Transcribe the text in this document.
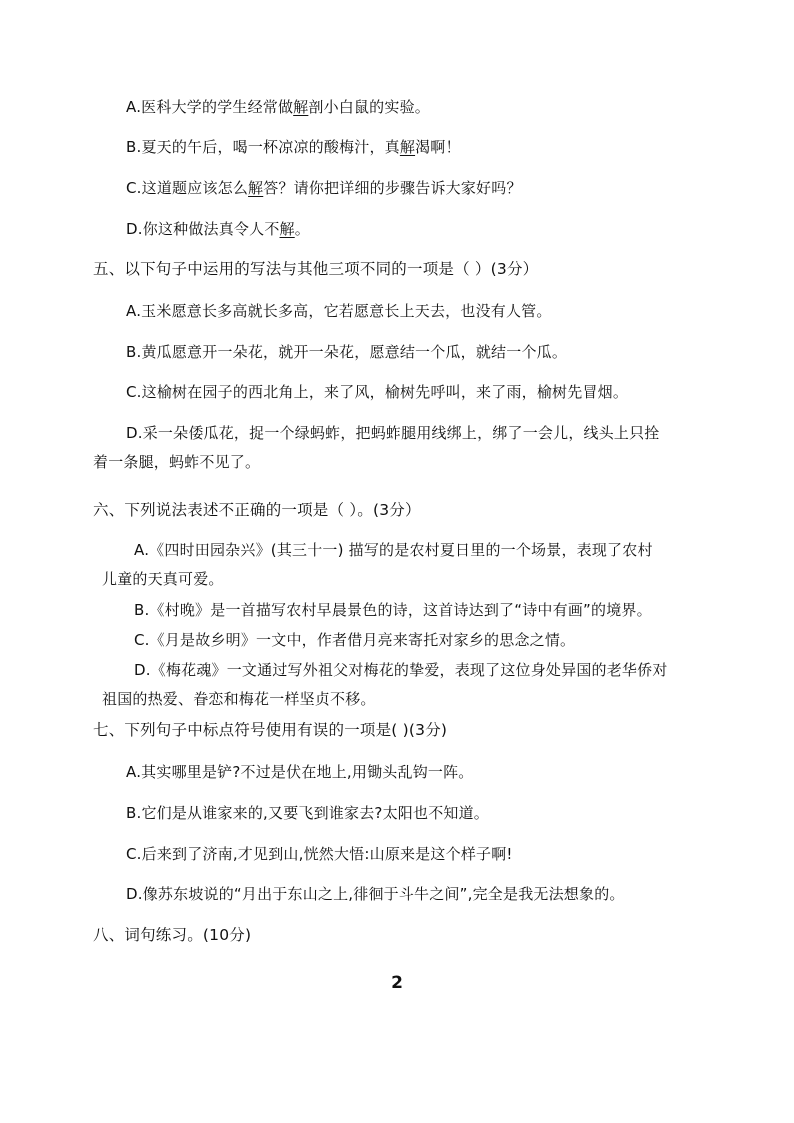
A.医科大学的学生经常做解剖小白鼠的实验。
B.夏天的午后，喝一杯凉凉的酸梅汁，真解渴啊！
C.这道题应该怎么解答？请你把详细的步骤告诉大家好吗？
D.你这种做法真令人不解。
五、以下句子中运用的写法与其他三项不同的一项是（ ）(3分）
A.玉米愿意长多高就长多高，它若愿意长上天去，也没有人管。
B.黄瓜愿意开一朵花，就开一朵花，愿意结一个瓜，就结一个瓜。
C.这榆树在园子的西北角上，来了风，榆树先呼叫，来了雨，榆树先冒烟。
D.采一朵倭瓜花，捉一个绿蚂蚱，把蚂蚱腿用线绑上，绑了一会儿，线头上只拴
着一条腿，蚂蚱不见了。
六、下列说法表述不正确的一项是（ ）。(3分）
A.《四时田园杂兴》(其三十一) 描写的是农村夏日里的一个场景，表现了农村
儿童的天真可爱。
B.《村晚》是一首描写农村早晨景色的诗，这首诗达到了“诗中有画”的境界。
C.《月是故乡明》一文中，作者借月亮来寄托对家乡的思念之情。
D.《梅花魂》一文通过写外祖父对梅花的挚爱，表现了这位身处异国的老华侨对
祖国的热爱、眷恋和梅花一样坚贞不移。
七、下列句子中标点符号使用有误的一项是( )(3分)
A.其实哪里是铲?不过是伏在地上,用锄头乱钩一阵。
B.它们是从谁家来的,又要飞到谁家去?太阳也不知道。
C.后来到了济南,才见到山,恍然大悟:山原来是这个样子啊!
D.像苏东坡说的“月出于东山之上,徘徊于斗牛之间”,完全是我无法想象的。
八、词句练习。(10分)
2
